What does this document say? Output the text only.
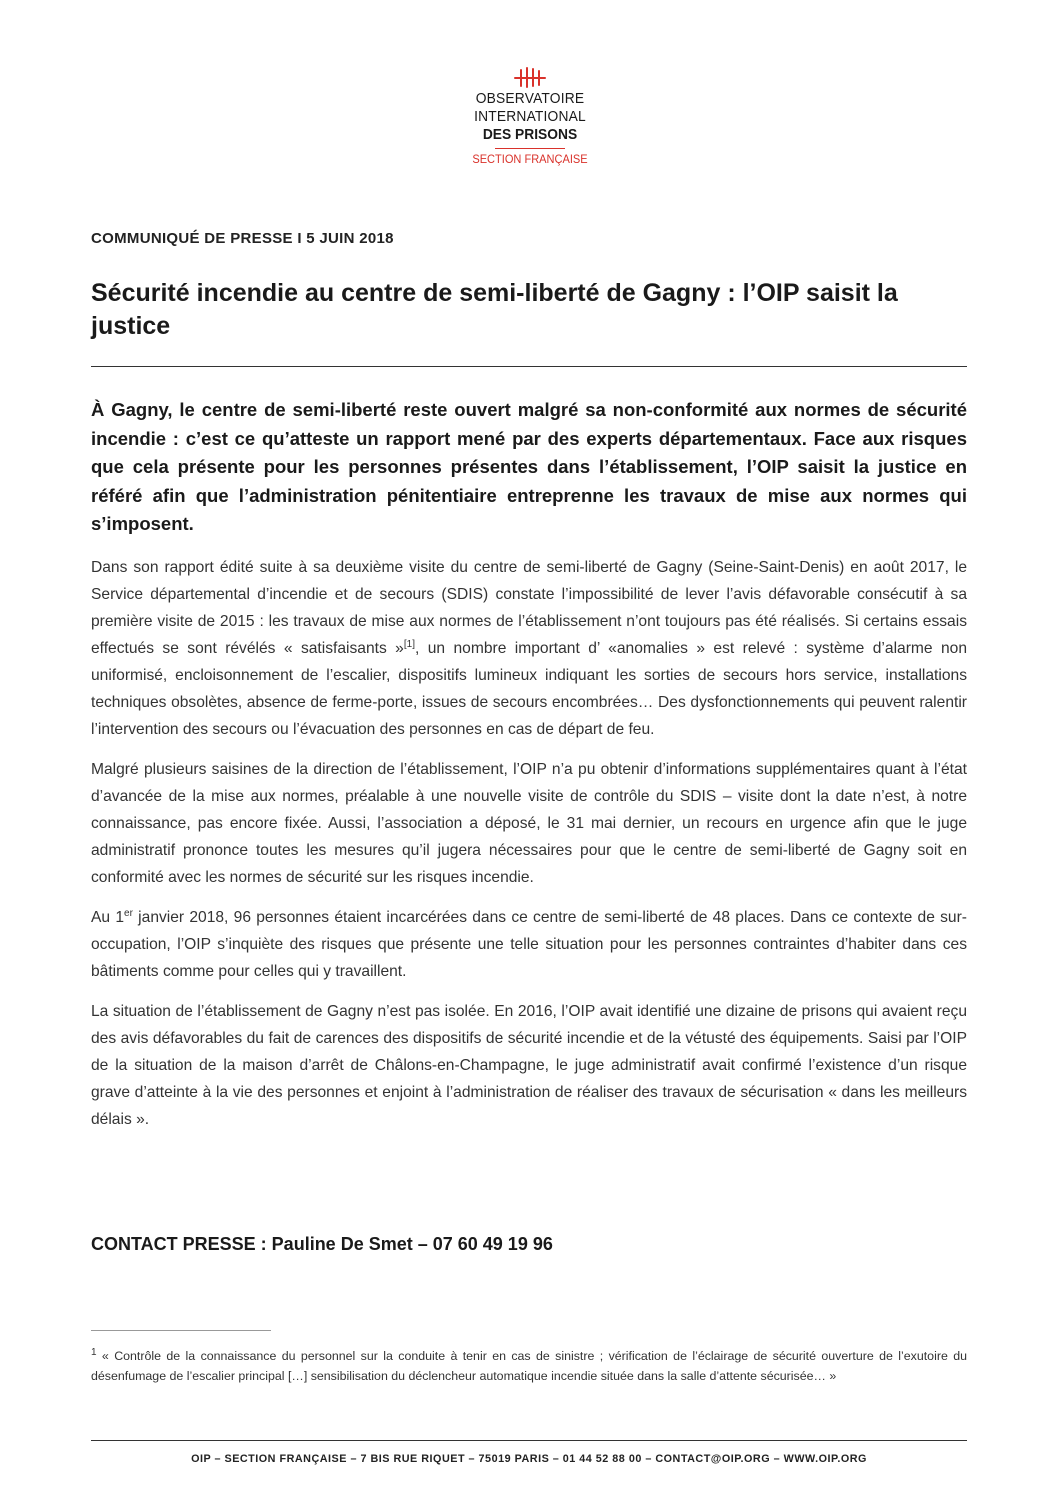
OBSERVATOIRE INTERNATIONAL
DES PRISONS
SECTION FRANÇAISE
COMMUNIQUÉ DE PRESSE I 5 JUIN 2018
Sécurité incendie au centre de semi-liberté de Gagny : l’OIP saisit la justice

À Gagny, le centre de semi-liberté reste ouvert malgré sa non-conformité aux normes de sécurité incendie : c’est ce qu’atteste un rapport mené par des experts départementaux. Face aux risques que cela présente pour les personnes présentes dans l’établissement, l’OIP saisit la justice en référé afin que l’administration pénitentiaire entreprenne les travaux de mise aux normes qui s’imposent.

Dans son rapport édité suite à sa deuxième visite du centre de semi-liberté de Gagny (Seine-Saint-Denis) en août 2017, le Service départemental d’incendie et de secours (SDIS) constate l’impossibilité de lever l’avis défavorable consécutif à sa première visite de 2015 : les travaux de mise aux normes de l’établissement n’ont toujours pas été réalisés. Si certains essais effectués se sont révélés « satisfaisants »[1], un nombre important d’ «anomalies » est relevé : système d’alarme non uniformisé, encloisonnement de l’escalier, dispositifs lumineux indiquant les sorties de secours hors service, installations techniques obsolètes, absence de ferme-porte, issues de secours encombrées… Des dysfonctionnements qui peuvent ralentir l’intervention des secours ou l’évacuation des personnes en cas de départ de feu.

Malgré plusieurs saisines de la direction de l’établissement, l’OIP n’a pu obtenir d’informations supplémentaires quant à l’état d’avancée de la mise aux normes, préalable à une nouvelle visite de contrôle du SDIS – visite dont la date n’est, à notre connaissance, pas encore fixée. Aussi, l’association a déposé, le 31 mai dernier, un recours en urgence afin que le juge administratif prononce toutes les mesures qu’il jugera nécessaires pour que le centre de semi-liberté de Gagny soit en conformité avec les normes de sécurité sur les risques incendie.

Au 1er janvier 2018, 96 personnes étaient incarcérées dans ce centre de semi-liberté de 48 places. Dans ce contexte de sur-occupation, l’OIP s’inquiète des risques que présente une telle situation pour les personnes contraintes d’habiter dans ces bâtiments comme pour celles qui y travaillent.

La situation de l’établissement de Gagny n’est pas isolée. En 2016, l’OIP avait identifié une dizaine de prisons qui avaient reçu des avis défavorables du fait de carences des dispositifs de sécurité incendie et de la vétusté des équipements. Saisi par l’OIP de la situation de la maison d’arrêt de Châlons-en-Champagne, le juge administratif avait confirmé l’existence d’un risque grave d’atteinte à la vie des personnes et enjoint à l’administration de réaliser des travaux de sécurisation « dans les meilleurs délais ».

CONTACT PRESSE : Pauline De Smet – 07 60 49 19 96

$^1$ « Contrôle de la connaissance du personnel sur la conduite à tenir en cas de sinistre ; vérification de l’éclairage de sécurité ouverture de l’exutoire du désenfumage de l’escalier principal […] sensibilisation du déclencheur automatique incendie située dans la salle d’attente sécurisée… »

OIP – SECTION FRANÇAISE – 7 BIS RUE RIQUET – 75019 PARIS – 01 44 52 88 00 – CONTACT@OIP.ORG – WWW.OIP.ORG
